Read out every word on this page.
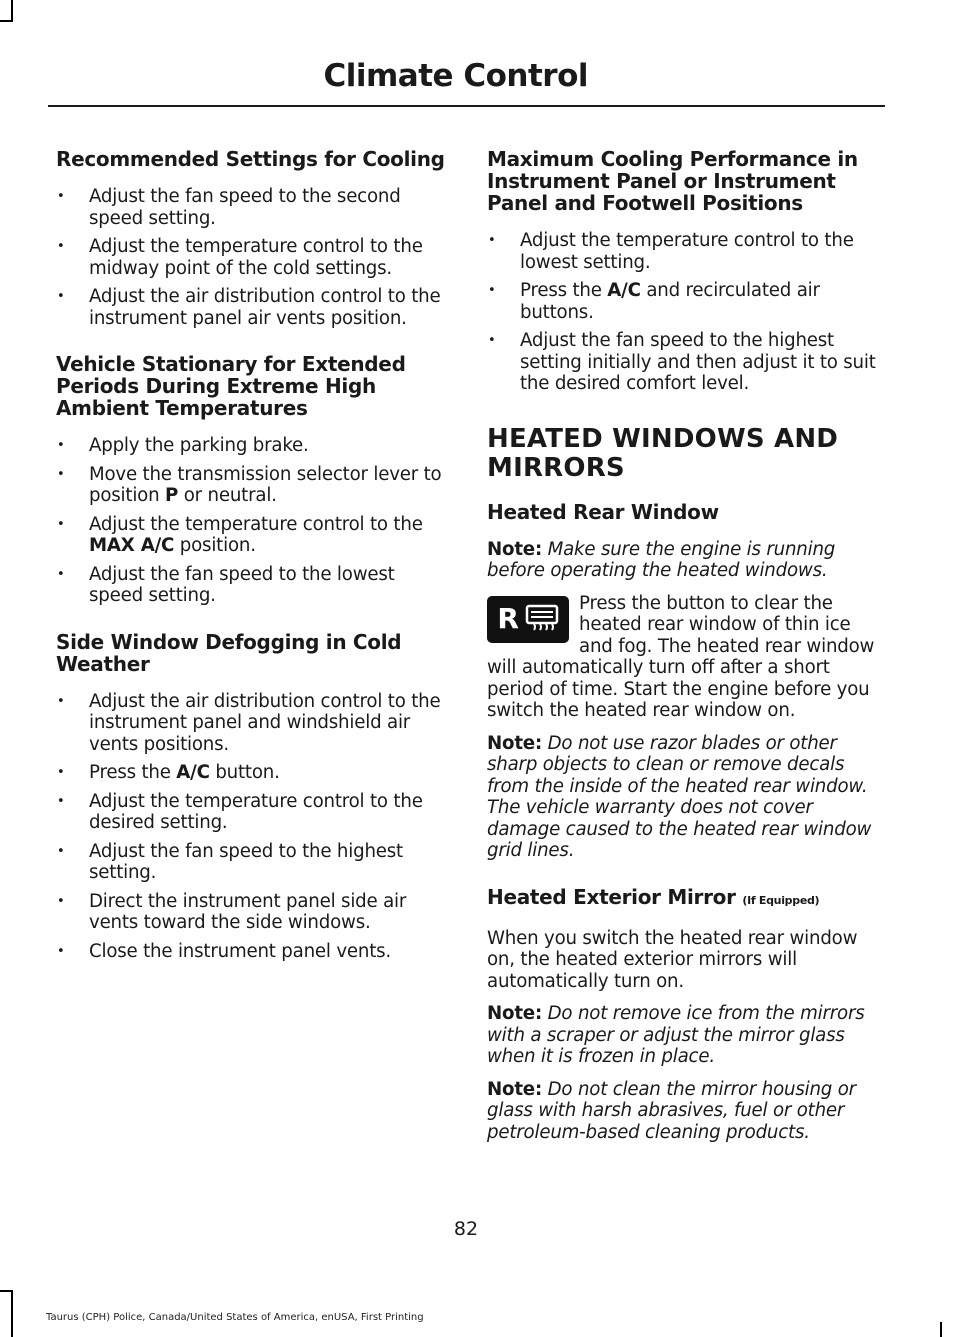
Climate Control
Recommended Settings for Cooling
• Adjust the fan speed to the second speed setting.
• Adjust the temperature control to the midway point of the cold settings.
• Adjust the air distribution control to the instrument panel air vents position.
Vehicle Stationary for Extended Periods During Extreme High Ambient Temperatures
• Apply the parking brake.
• Move the transmission selector lever to position P or neutral.
• Adjust the temperature control to the MAX A/C position.
• Adjust the fan speed to the lowest speed setting.
Side Window Defogging in Cold Weather
• Adjust the air distribution control to the instrument panel and windshield air vents positions.
• Press the A/C button.
• Adjust the temperature control to the desired setting.
• Adjust the fan speed to the highest setting.
• Direct the instrument panel side air vents toward the side windows.
• Close the instrument panel vents.
Maximum Cooling Performance in Instrument Panel or Instrument Panel and Footwell Positions
• Adjust the temperature control to the lowest setting.
• Press the A/C and recirculated air buttons.
• Adjust the fan speed to the highest setting initially and then adjust it to suit the desired comfort level.
HEATED WINDOWS AND MIRRORS
Heated Rear Window

Note: Make sure the engine is running before operating the heated windows.

R	Press the button to clear the heated rear window of thin ice and fog. The heated rear window will automatically turn off after a short period of time. Start the engine before you switch the heated rear window on.

Note: Do not use razor blades or other sharp objects to clean or remove decals from the inside of the heated rear window. The vehicle warranty does not cover damage caused to the heated rear window grid lines.

Heated Exterior Mirror (If Equipped)

When you switch the heated rear window on, the heated exterior mirrors will automatically turn on.

Note: Do not remove ice from the mirrors with a scraper or adjust the mirror glass when it is frozen in place.

Note: Do not clean the mirror housing or glass with harsh abrasives, fuel or other petroleum-based cleaning products.

82
Taurus (CPH) Police, Canada/United States of America, enUSA, First Printing
